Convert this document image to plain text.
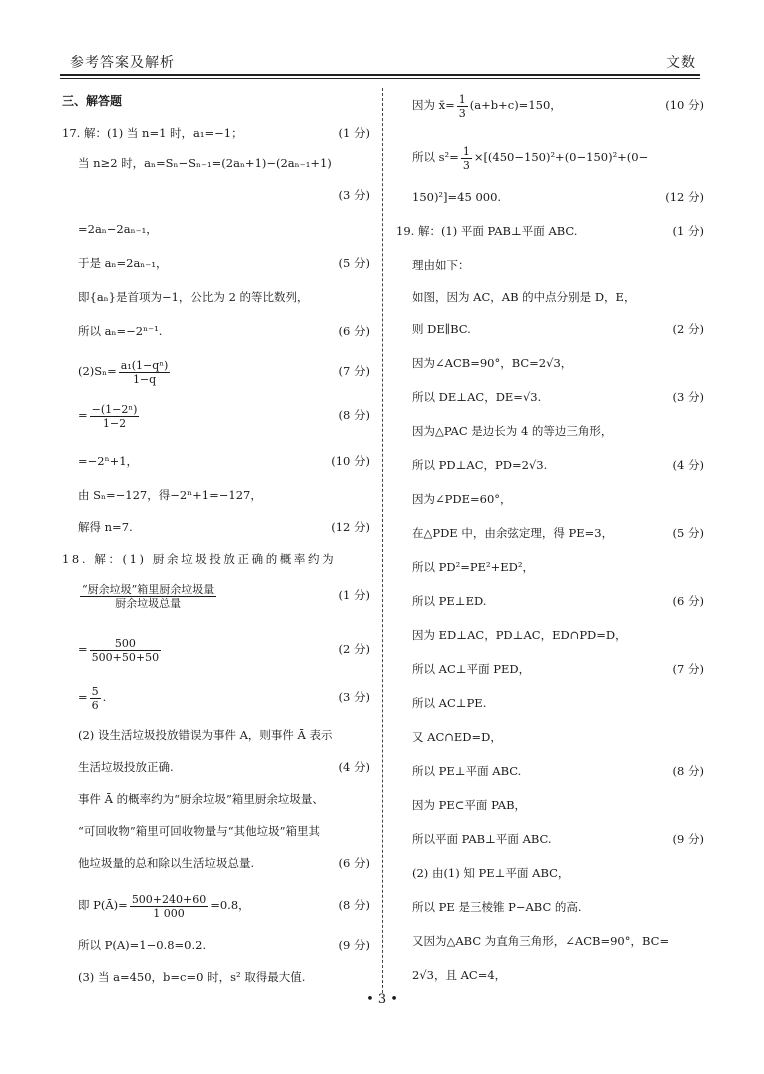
参考答案及解析	文数
三、解答题
17. 解：(1) 当 n=1 时，a₁=−1；	(1 分)
当 n≥2 时，aₙ=Sₙ−Sₙ₋₁=(2aₙ+1)−(2aₙ₋₁+1)
(3 分)
=2aₙ−2aₙ₋₁，
于是 aₙ=2aₙ₋₁，	(5 分)
即{aₙ}是首项为−1，公比为 2 的等比数列，
所以 aₙ=−2ⁿ⁻¹.	(6 分)
$(2)S_n= \frac{\text{a₁(1−qⁿ)}}{1-q}$	(7 分)
= $\frac{\text{−(1−2ⁿ)}}{1-2}$	(8 分)
=−2ⁿ+1，	(10 分)
由 Sₙ=−127，得−2ⁿ+1=−127，
解得 n=7.	(12 分)
18. 解：(1) 厨余垃圾投放正确的概率约为
$\frac{\text{“厨余垃圾”箱里厨余垃圾量}}{\text{厨余垃圾总量}}$	(1 分)
= $\frac{500}{500+50+50}$	(2 分)
= $\frac{5}{6}$ .	(3 分)
(2) 设生活垃圾投放错误为事件 A，则事件 Ā 表示
生活垃圾投放正确.	(4 分)
事件 Ā 的概率约为“厨余垃圾”箱里厨余垃圾量、
“可回收物”箱里可回收物量与“其他垃圾”箱里其
他垃圾量的总和除以生活垃圾总量.	(6 分)
即 P(Ā)= $\frac{500+240+60}{1 000} =0.8$，	(8 分)
所以 P(A)=1−0.8=0.2.	(9 分)
(3) 当 a=450，b=c=0 时，s² 取得最大值.
因为 x̄= $\frac{1}{3} (a+b+c)=150$，	(10 分)
所以 $s^2= \frac{1}{3} \times[(450-150)^2+(0-150)^2+(0-$
150)²]=45 000.	(12 分)
19. 解：(1) 平面 PAB⊥平面 ABC.	(1 分)
理由如下：
如图，因为 AC，AB 的中点分别是 D，E，
则 DE∥BC.	(2 分)
因为∠ACB=90°，BC=2√3，
所以 DE⊥AC，DE=√3.	(3 分)
因为△PAC 是边长为 4 的等边三角形，
所以 PD⊥AC，PD=2√3.	(4 分)
因为∠PDE=60°，
在△PDE 中，由余弦定理，得 PE=3，	(5 分)
所以 PD²=PE²+ED²，
所以 PE⊥ED.	(6 分)
因为 ED⊥AC，PD⊥AC，ED∩PD=D，
所以 AC⊥平面 PED，	(7 分)
所以 AC⊥PE.
又 AC∩ED=D，
所以 PE⊥平面 ABC.	(8 分)
因为 PE⊂平面 PAB，
所以平面 PAB⊥平面 ABC.	(9 分)
(2) 由(1) 知 PE⊥平面 ABC，
所以 PE 是三棱锥 P−ABC 的高.
又因为△ABC 为直角三角形，∠ACB=90°，BC=
2√3，且 AC=4，
• 3 •
